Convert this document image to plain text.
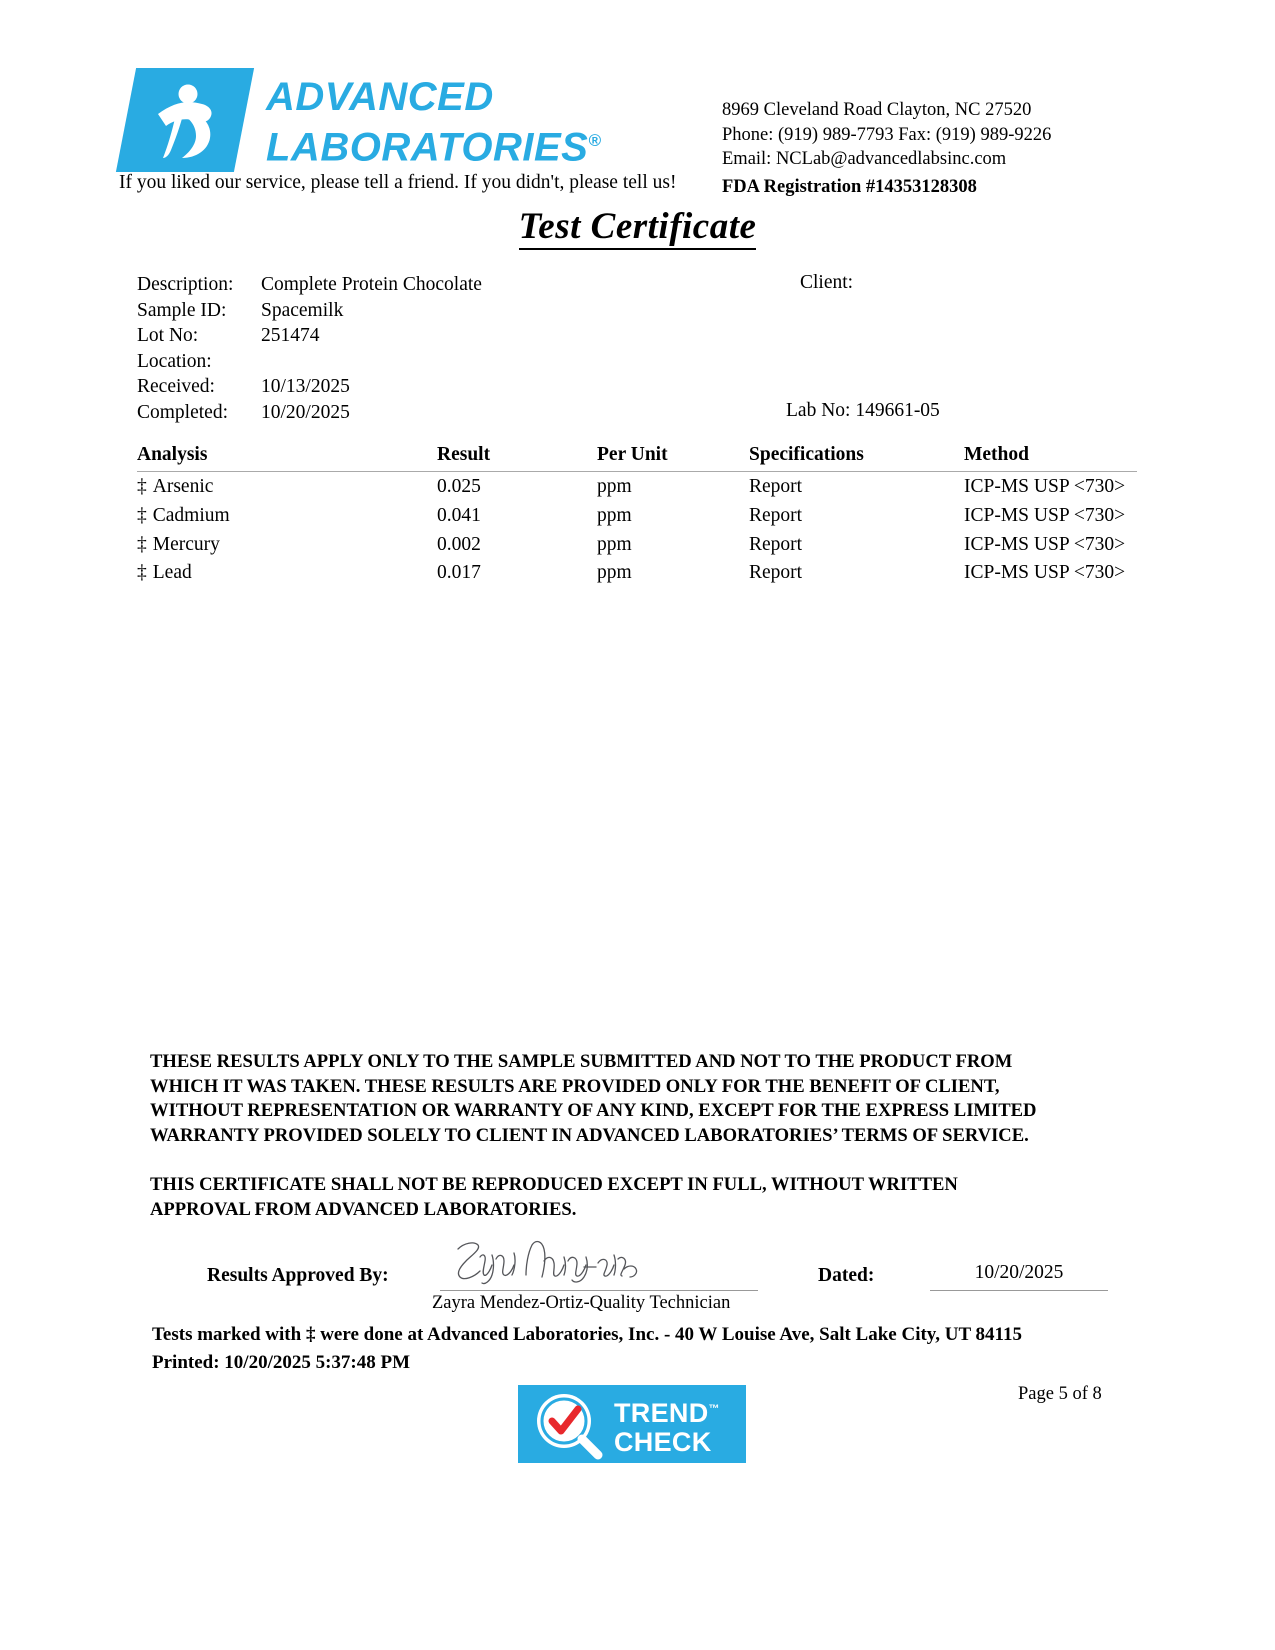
ADVANCED
LABORATORIES®
If you liked our service, please tell a friend. If you didn't, please tell us!
8969 Cleveland Road Clayton, NC 27520
Phone: (919) 989-7793 Fax: (919) 989-9226
Email: NCLab@advancedlabsinc.com
FDA Registration #14353128308
Test Certificate
Description:	Complete Protein Chocolate
Sample ID:	Spacemilk
Lot No:	251474
Location:
Received:	10/13/2025
Completed:	10/20/2025
Client:
Lab No: 149661-05
Analysis	Result	Per Unit	Specifications	Method
‡ Arsenic	0.025	ppm	Report	ICP-MS USP <730>
‡ Cadmium	0.041	ppm	Report	ICP-MS USP <730>
‡ Mercury	0.002	ppm	Report	ICP-MS USP <730>
‡ Lead	0.017	ppm	Report	ICP-MS USP <730>

THESE RESULTS APPLY ONLY TO THE SAMPLE SUBMITTED AND NOT TO THE PRODUCT FROM

WHICH IT WAS TAKEN. THESE RESULTS ARE PROVIDED ONLY FOR THE BENEFIT OF CLIENT,

WITHOUT REPRESENTATION OR WARRANTY OF ANY KIND, EXCEPT FOR THE EXPRESS LIMITED

WARRANTY PROVIDED SOLELY TO CLIENT IN ADVANCED LABORATORIES’ TERMS OF SERVICE.

THIS CERTIFICATE SHALL NOT BE REPRODUCED EXCEPT IN FULL, WITHOUT WRITTEN

APPROVAL FROM ADVANCED LABORATORIES.

Results Approved By:
Zayra Mendez-Ortiz-Quality Technician
Dated:	10/20/2025
Tests marked with ‡ were done at Advanced Laboratories, Inc. - 40 W Louise Ave, Salt Lake City, UT 84115
Printed: 10/20/2025 5:37:48 PM
Page 5 of 8
TREND™
CHECK
